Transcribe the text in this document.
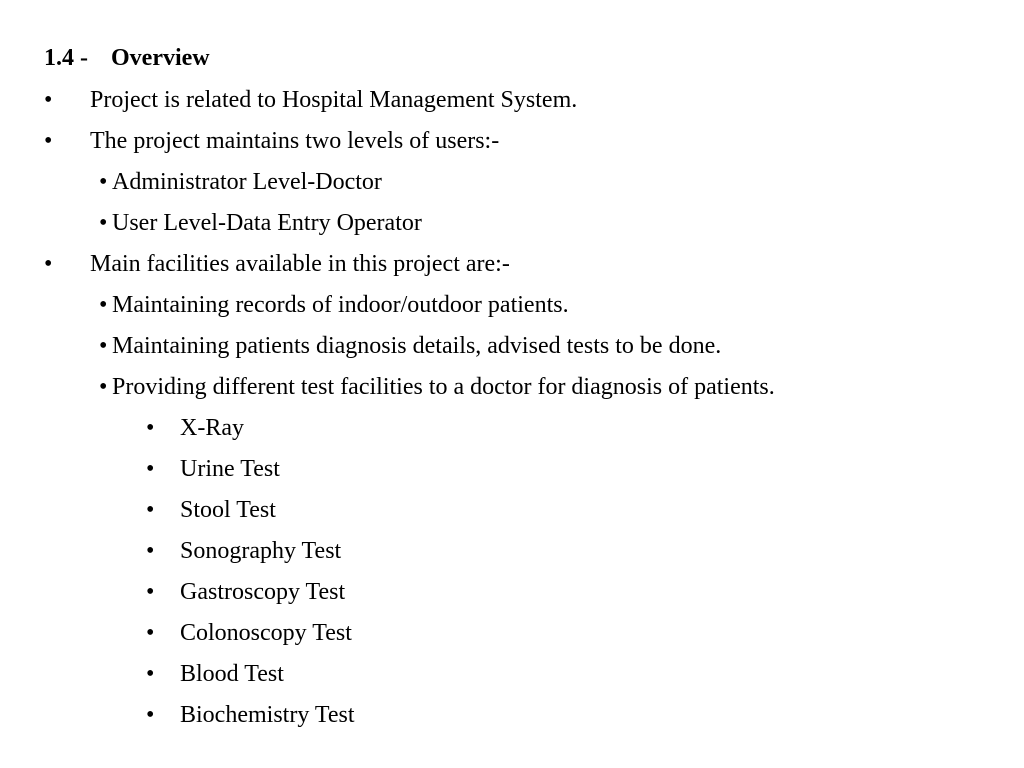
1.4 - Overview
• Project is related to Hospital Management System.
• The project maintains two levels of users:-
• Administrator Level-Doctor
• User Level-Data Entry Operator
• Main facilities available in this project are:-
• Maintaining records of indoor/outdoor patients.
• Maintaining patients diagnosis details, advised tests to be done.
• Providing different test facilities to a doctor for diagnosis of patients.
• X-Ray
• Urine Test
• Stool Test
• Sonography Test
• Gastroscopy Test
• Colonoscopy Test
• Blood Test
• Biochemistry Test
